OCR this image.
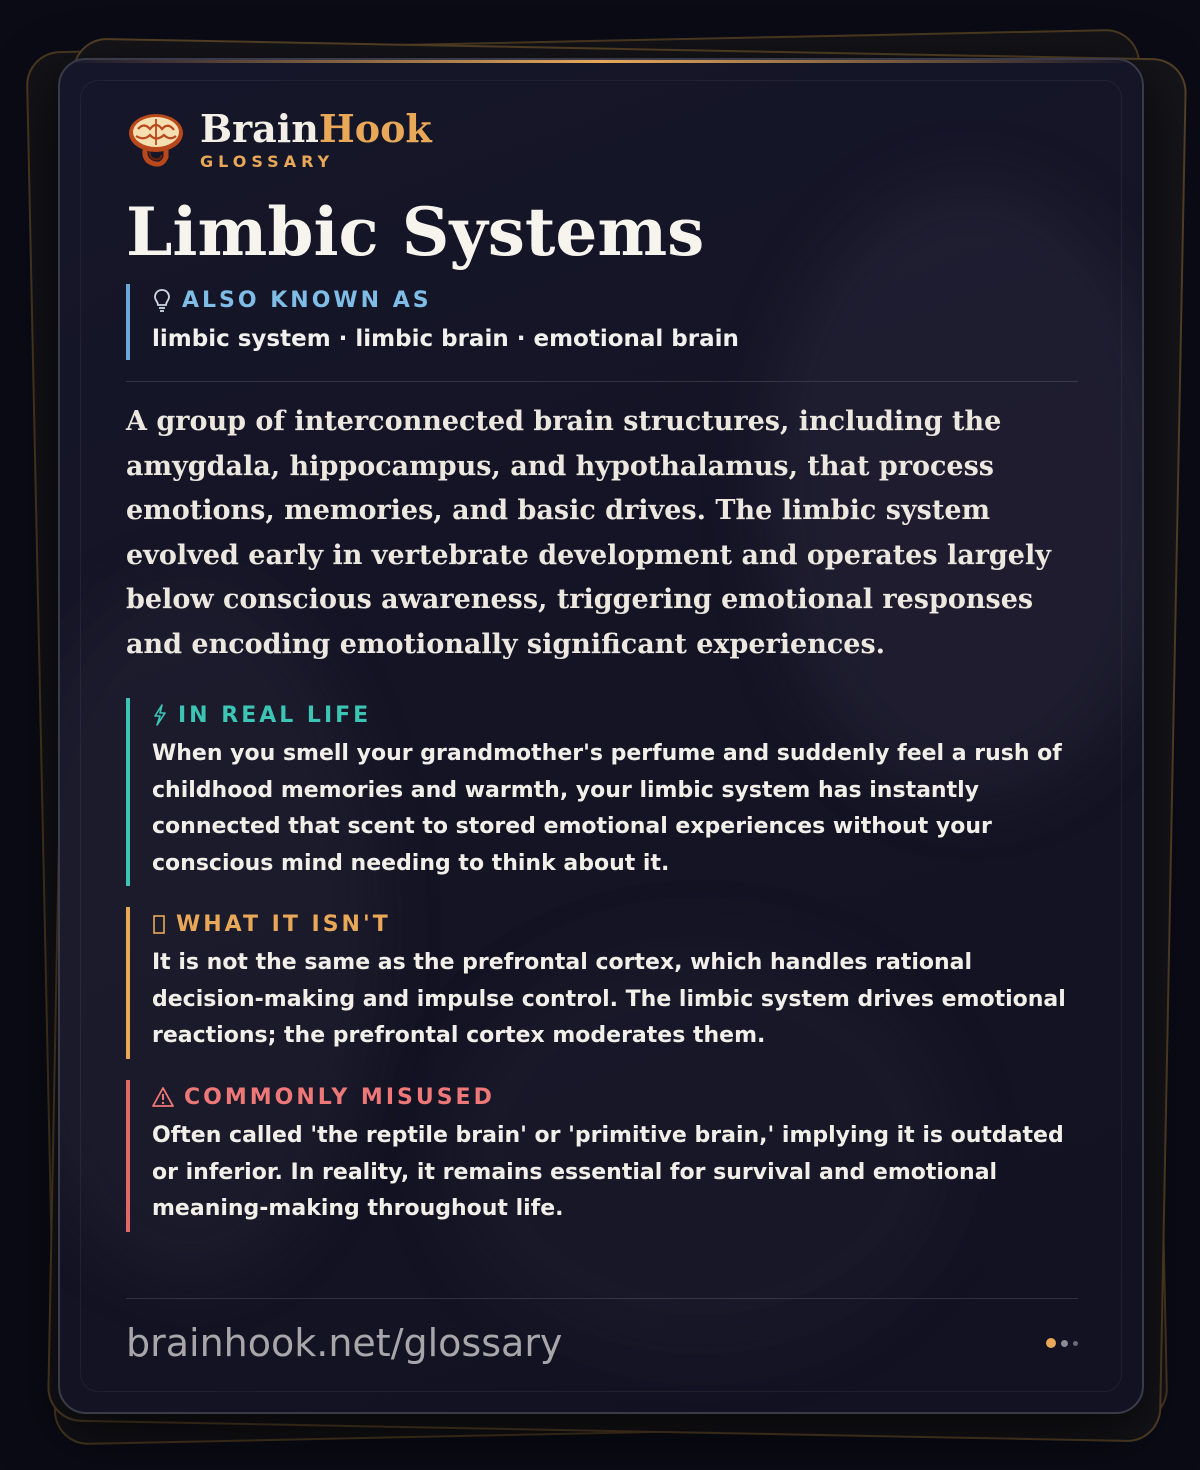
BrainHook
GLOSSARY
Limbic Systems
ALSO KNOWN AS
limbic system · limbic brain · emotional brain

A group of interconnected brain structures, including the amygdala, hippocampus, and hypothalamus, that process emotions, memories, and basic drives. The limbic system evolved early in vertebrate development and operates largely below conscious awareness, triggering emotional responses and encoding emotionally significant experiences.

IN REAL LIFE
When you smell your grandmother's perfume and suddenly feel a rush of childhood memories and warmth, your limbic system has instantly connected that scent to stored emotional experiences without your conscious mind needing to think about it.
WHAT IT ISN'T
It is not the same as the prefrontal cortex, which handles rational decision-making and impulse control. The limbic system drives emotional reactions; the prefrontal cortex moderates them.
COMMONLY MISUSED
Often called 'the reptile brain' or 'primitive brain,' implying it is outdated or inferior. In reality, it remains essential for survival and emotional meaning-making throughout life.
brainhook.net/glossary
